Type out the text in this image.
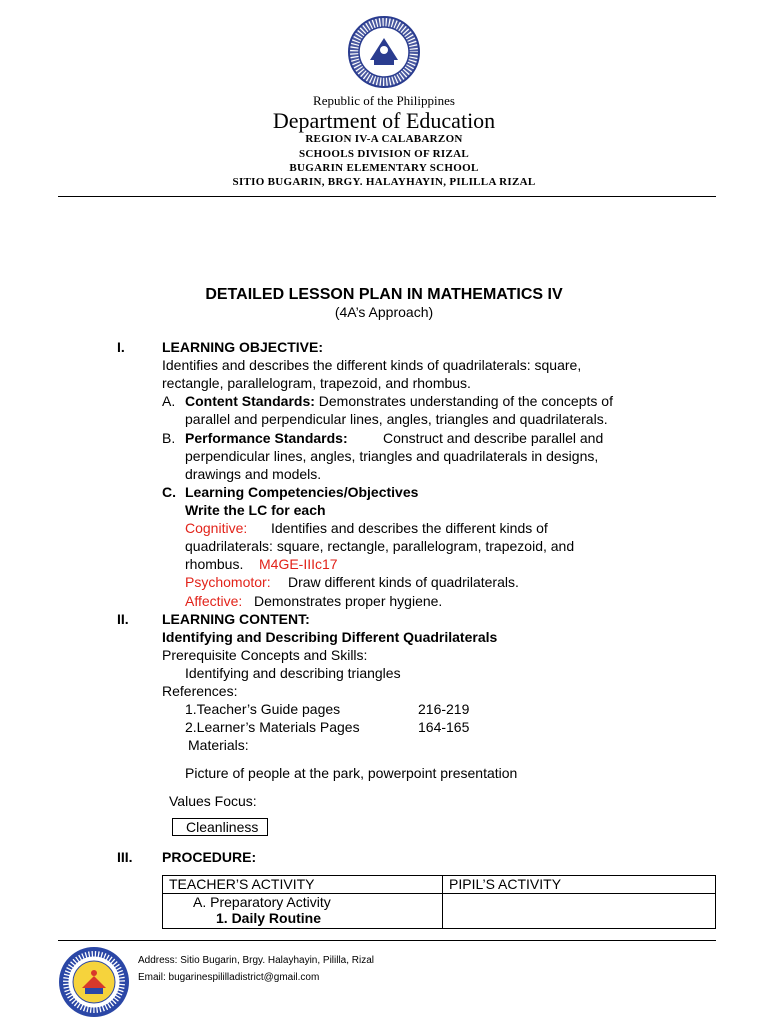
Republic of the Philippines
Department of Education
REGION IV-A CALABARZON
SCHOOLS DIVISION OF RIZAL
BUGARIN ELEMENTARY SCHOOL
SITIO BUGARIN, BRGY. HALAYHAYIN, PILILLA RIZAL
DETAILED LESSON PLAN IN MATHEMATICS IV
(4A’s Approach)
I.	LEARNING OBJECTIVE:
Identifies and describes the different kinds of quadrilaterals: square,
rectangle, parallelogram, trapezoid, and rhombus.
A. Content Standards: Demonstrates understanding of the concepts of
parallel and perpendicular lines, angles, triangles and quadrilaterals.
B. Performance Standards:	Construct and describe parallel and
perpendicular lines, angles, triangles and quadrilaterals in designs,
drawings and models.
C. Learning Competencies/Objectives
Write the LC for each
Cognitive: Identifies and describes the different kinds of
quadrilaterals: square, rectangle, parallelogram, trapezoid, and
rhombus. M4GE-IIIc17
Psychomotor: Draw different kinds of quadrilaterals.
Affective: Demonstrates proper hygiene.
II. LEARNING CONTENT:
Identifying and Describing Different Quadrilaterals
Prerequisite Concepts and Skills:
Identifying and describing triangles
References:
1.Teacher’s Guide pages	216-219
2.Learner’s Materials Pages	164-165
Materials:
Picture of people at the park, powerpoint presentation
Values Focus:
Cleanliness
III. PROCEDURE:
TEACHER’S ACTIVITY	PIPIL’S ACTIVITY

A. Preparatory Activity
1. Daily Routine	

Address: Sitio Bugarin, Brgy. Halayhayin, Pililla, Rizal
Email: bugarinespililladistrict@gmail.com
